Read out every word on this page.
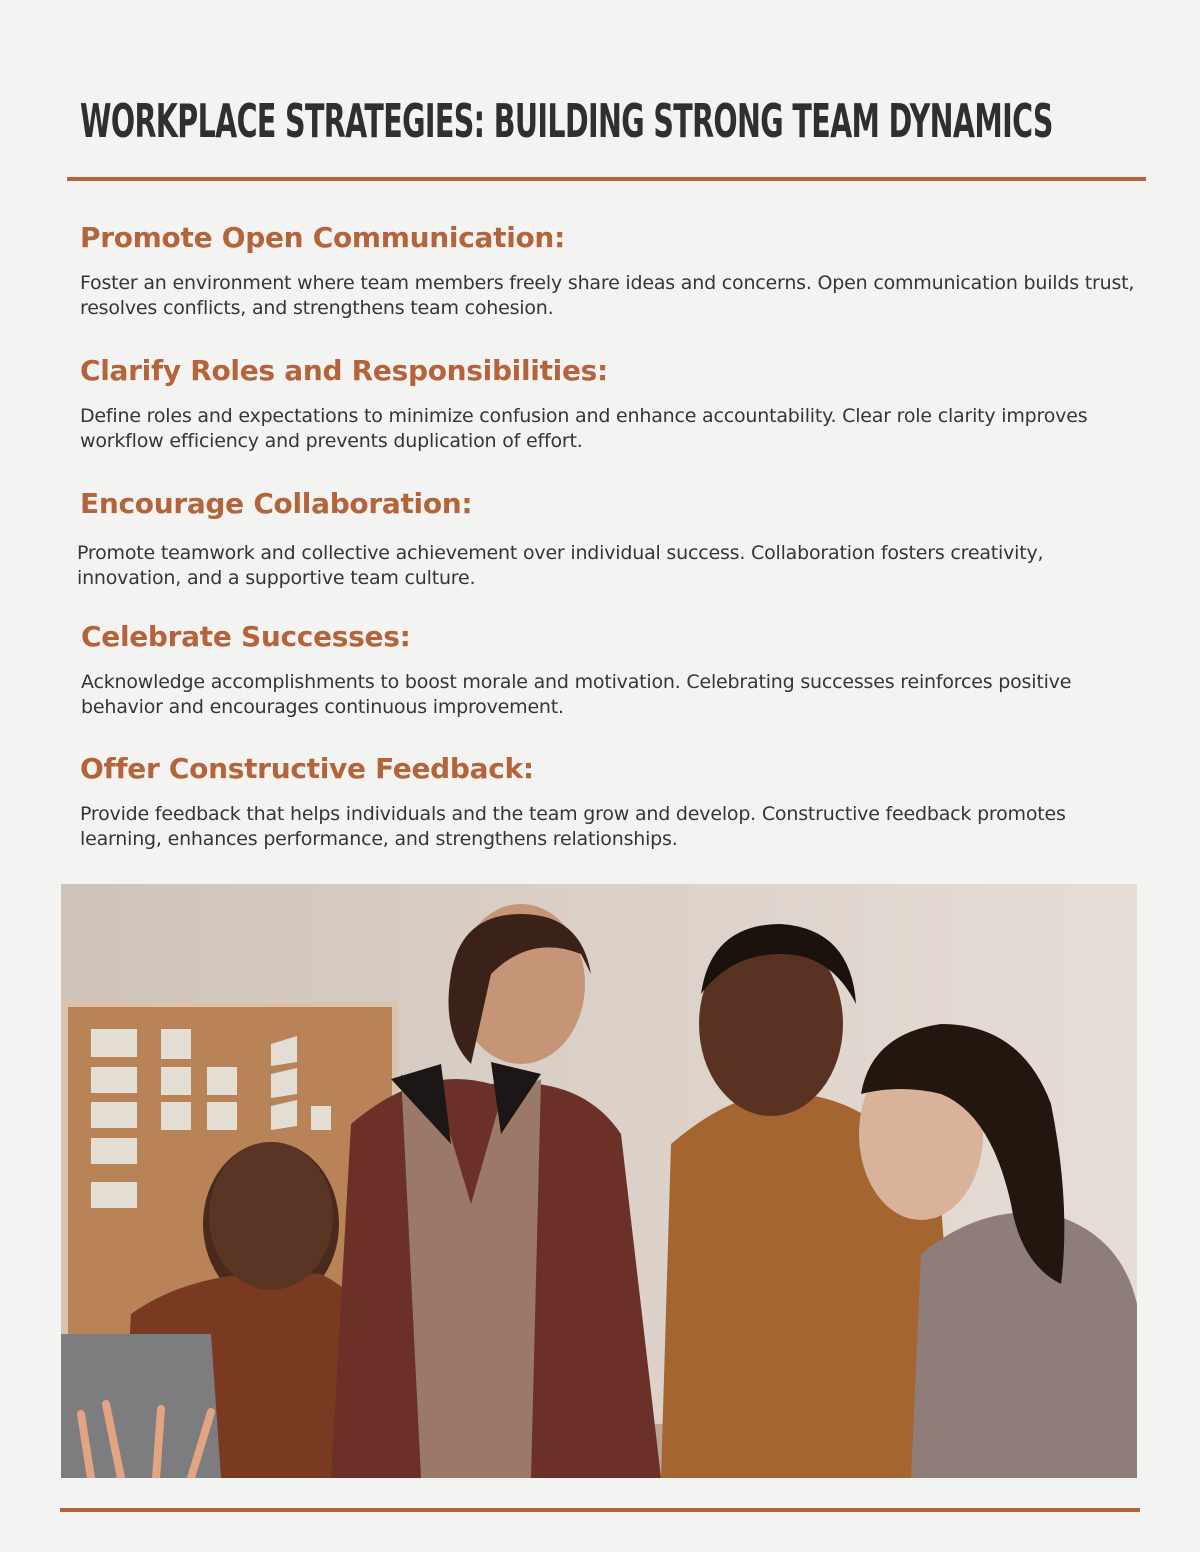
WORKPLACE STRATEGIES: BUILDING STRONG TEAM DYNAMICS
Promote Open Communication:

Foster an environment where team members freely share ideas and concerns. Open communication builds trust, resolves conflicts, and strengthens team cohesion.

Clarify Roles and Responsibilities:

Define roles and expectations to minimize confusion and enhance accountability. Clear role clarity improves workflow efficiency and prevents duplication of effort.

Encourage Collaboration:

Promote teamwork and collective achievement over individual success. Collaboration fosters creativity, innovation, and a supportive team culture.

Celebrate Successes:

Acknowledge accomplishments to boost morale and motivation. Celebrating successes reinforces positive behavior and encourages continuous improvement.

Offer Constructive Feedback:

Provide feedback that helps individuals and the team grow and develop. Constructive feedback promotes learning, enhances performance, and strengthens relationships.
